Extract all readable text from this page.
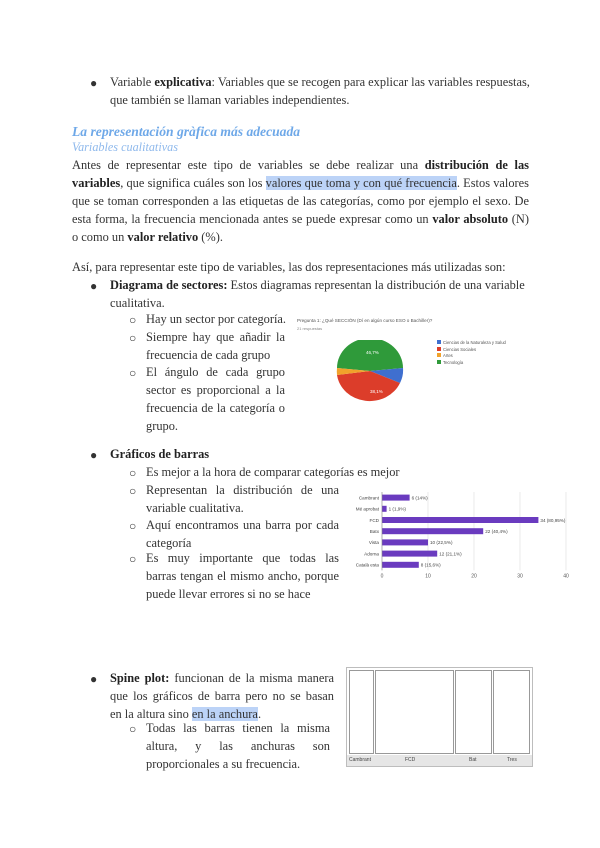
● Variable explicativa: Variables que se recogen para explicar las variables respuestas,
que también se llaman variables independientes.
La representación gràfica más adecuada
Variables cualitativas
Antes de representar este tipo de variables se debe realizar una distribución de las
variables, que significa cuáles son los valores que toma y con qué frecuencia. Estos valores
que se toman corresponden a las etiquetas de las categorías, como por ejemplo el sexo. De
esta forma, la frecuencia mencionada antes se puede expresar como un valor absoluto (N)
o como un valor relativo (%).
Así, para representar este tipo de variables, las dos representaciones más utilizadas son:
● Diagrama de sectores: Estos diagramas representan la distribución de una variable
cualitativa.
○ Hay un sector por categoría.
○ Siempre hay que añadir la
frecuencia de cada grupo
○ El ángulo de cada grupo
sector es proporcional a la
frecuencia de la categoría o
grupo.
Pregunta 1: ¿Qué SECCIÓN (Dí en algún curso ESO o Bachiller)?
21 respuestas
46,7%
38,1%
Ciencias de la Naturaleza y Salud
Ciencias Sociales
Artes
Tecnología
● Gráficos de barras
○ Es mejor a la hora de comparar categorías es mejor
○ Representan la distribución de una
variable cualitativa.
○ Aquí encontramos una barra por cada
categoría
○ Es muy importante que todas las
barras tengan el mismo ancho, porque
puede llevar errores si no se hace
0	10	20	30	40
Cambrant	6 (14%)
Mé aprobat 1 (1,9%)
FCD	34 (80,95%)
Batx	22 (40,4%)
Vista	10 (22,5%)
Adorna	12 (21,1%)
Català esta	8 (15,6%)
● Spine plot: funcionan de la misma manera
que los gráficos de barra pero no se basan
en la altura sino en la anchura.
○ Todas las barras tienen la misma
altura, y las anchuras son
proporcionales a su frecuencia.	Cambrant	FCD	Bat	Tres
